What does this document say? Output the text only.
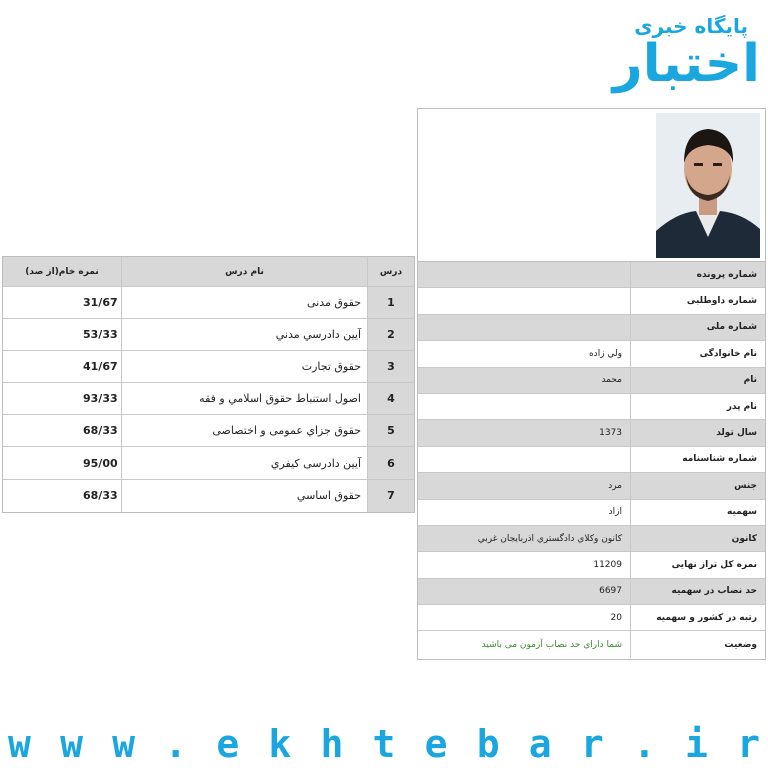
پایگاه خبری
اختبار
شماره پرونده
شماره داوطلبی
شماره ملی
نام خانوادگی
ولي زاده
نام
محمد
نام پدر
سال تولد
1373
شماره شناسنامه
جنس
مرد
سهمیه
ازاد
کانون
كانون وكلاي دادگستري اذربايجان غربي
نمره کل تراز نهایی
11209
حد نصاب در سهمیه
6697
رتبه در کشور و سهمیه
20
وضعیت
شما دارای حد نصاب آزمون می باشید
درس
نام درس
نمره خام(از صد)
1
حقوق مدنی
31/67
2
آيين دادرسي مدني
53/33
3
حقوق تجارت
41/67
4
اصول استنباط حقوق اسلامي و فقه
93/33
5
حقوق جزاي عمومی و اختصاصی
68/33
6
آيين دادرسی کيفري
95/00
7
حقوق اساسي
68/33
w w w . e k h t e b a r . i r
